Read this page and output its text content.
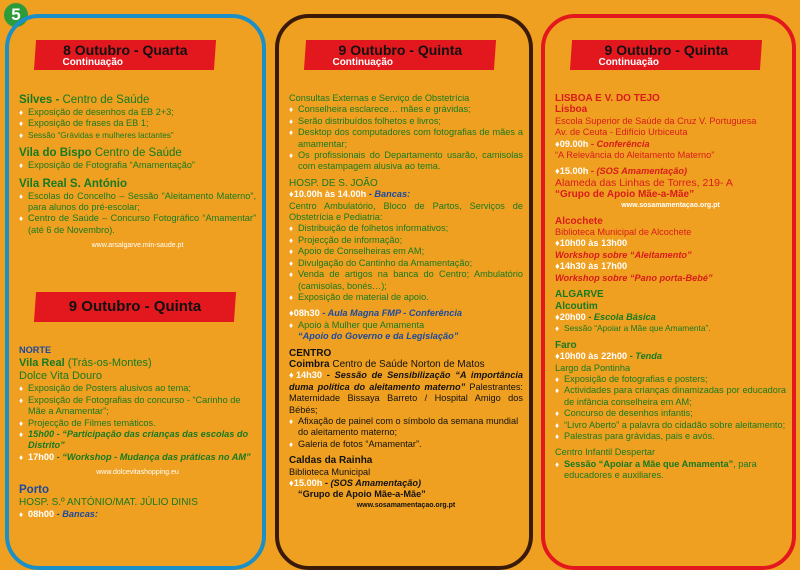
5
8 Outubro - Quarta
Continuação
Silves - Centro de Saúde
♦ Exposição de desenhos da EB 2+3;
♦ Exposição de frases da EB 1;
♦ Sessão “Grávidas e mulheres lactantes”
Vila do Bispo Centro de Saúde
♦ Exposição de Fotografia “Amamentação”
Vila Real S. António
♦ Escolas do Concelho – Sessão “Aleitamento Materno”, para alunos do pré-escolar;
♦ Centro de Saúde – Concurso Fotográfico “Amamentar” (até 6 de Novembro).
www.arsalgarve.min-saude.pt
9 Outubro - Quinta
NORTE
Vila Real (Trás-os-Montes)
Dolce Vita Douro
♦ Exposição de Posters alusivos ao tema;
♦ Exposição de Fotografias do concurso - “Carinho de Mãe a Amamentar”;
♦ Projecção de Filmes temáticos.
♦ 15h00 - “Participação das crianças das escolas do Distrito”
♦ 17h00 - “Workshop - Mudança das práticas no AM”
www.dolcevitashopping.eu
Porto
HOSP. S.º ANTÓNIO/MAT. JÚLIO DINIS
♦ 08h00 - Bancas:
9 Outubro - Quinta
Continuação
Consultas Externas e Serviço de Obstetrícia
♦ Conselheira esclarece… mães e grávidas;
♦ Serão distribuídos folhetos e livros;
♦ Desktop dos computadores com fotografias de mães a amamentar;
♦ Os profissionais do Departamento usarão, camisolas com estampagem alusiva ao tema.
HOSP. DE S. JOÃO
♦10.00h às 14.00h - Bancas:
Centro Ambulatório, Bloco de Partos, Serviços de Obstetrícia e Pediatria:
♦ Distribuição de folhetos informativos;
♦ Projecção de informação;
♦ Apoio de Conselheiras em AM;
♦ Divulgação do Cantinho da Amamentação;
♦ Venda de artigos na banca do Centro; Ambulatório (camisolas, bonés…);
♦ Exposição de material de apoio.
♦08h30 - Aula Magna FMP - Conferência
♦ Apoio à Mulher que Amamenta
“Apoio do Governo e da Legislação”
CENTRO
Coimbra Centro de Saúde Norton de Matos
♦14h30 - Sessão de Sensibilização “A importância duma política do aleitamento materno” Palestrantes: Maternidade Bissaya Barreto / Hospital Amigo dos Bébés;
♦ Afixação de painel com o símbolo da semana mundial do aleitamento materno;
♦ Galeria de fotos “Amamentar”.
Caldas da Rainha
Biblioteca Municipal
♦15.00h - (SOS Amamentação)
“Grupo de Apoio Mãe-a-Mãe”
www.sosamamentaçao.org.pt
9 Outubro - Quinta
Continuação
LISBOA E V. DO TEJO
Lisboa
Escola Superior de Saúde da Cruz V. Portuguesa
Av. de Ceuta - Edifício Urbiceuta
♦09.00h - Conferência
“A Relevância do Aleitamento Materno”
♦15.00h - (SOS Amamentação)
Alameda das Linhas de Torres, 219- A
“Grupo de Apoio Mãe-a-Mãe”
www.sosamamentaçao.org.pt
Alcochete
Biblioteca Municipal de Alcochete
♦10h00 às 13h00
Workshop sobre “Aleitamento”
♦14h30 às 17h00
Workshop sobre “Pano porta-Bebé”
ALGARVE
Alcoutim
♦20h00 - Escola Básica
♦ Sessão “Apoiar a Mãe que Amamenta”.
Faro
♦10h00 às 22h00 - Tenda
Largo da Pontinha
♦ Exposição de fotografias e posters;
♦ Actividades para crianças dinamizadas por educadora de infância conselheira em AM;
♦ Concurso de desenhos infantis;
♦ “Livro Aberto” a palavra do cidadão sobre aleitamento;
♦ Palestras para grávidas, pais e avós.
Centro Infantil Despertar
♦ Sessão “Apoiar a Mãe que Amamenta”, para educadores e auxiliares.
